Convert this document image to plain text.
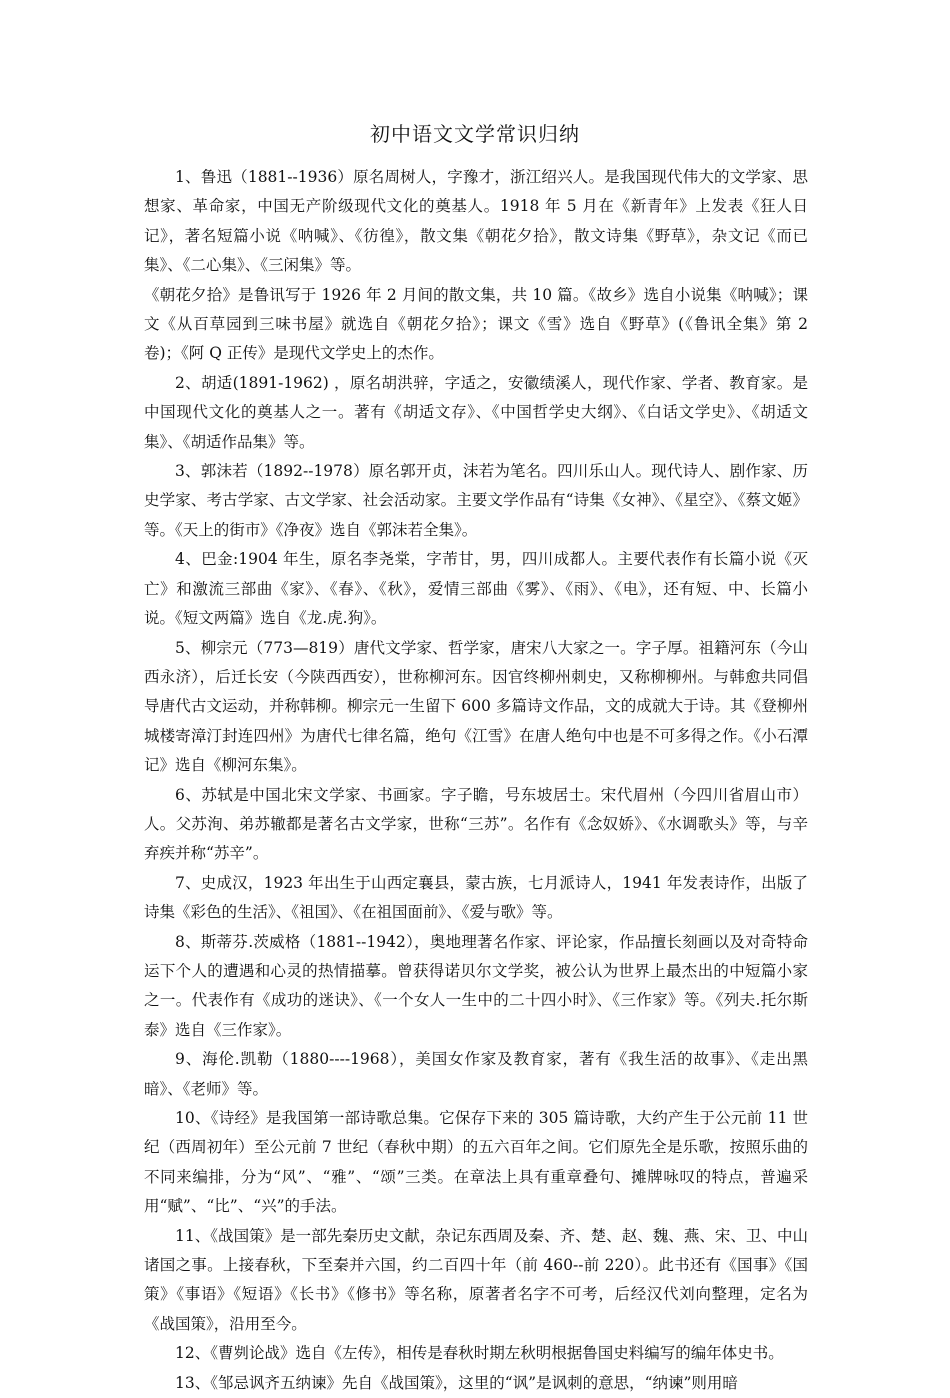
初中语文文学常识归纳

1、鲁迅（1881--1936）原名周树人，字豫才，浙江绍兴人。是我国现代伟大的文学家、思想家、革命家，中国无产阶级现代文化的奠基人。1918 年 5 月在《新青年》上发表《狂人日记》，著名短篇小说《呐喊》、《彷徨》，散文集《朝花夕拾》，散文诗集《野草》，杂文记《而已集》、《二心集》、《三闲集》等。

《朝花夕拾》是鲁讯写于 1926 年 2 月间的散文集，共 10 篇。《故乡》选自小说集《呐喊》；课文《从百草园到三味书屋》就选自《朝花夕拾》；课文《雪》选自《野草》(《鲁讯全集》第 2 卷)；《阿 Q 正传》是现代文学史上的杰作。

2、胡适(1891-1962) ，原名胡洪骍，字适之，安徽绩溪人，现代作家、学者、教育家。是中国现代文化的奠基人之一。著有《胡适文存》、《中国哲学史大纲》、《白话文学史》、《胡适文集》、《胡适作品集》等。

3、郭沫若（1892--1978）原名郭开贞，沫若为笔名。四川乐山人。现代诗人、剧作家、历史学家、考古学家、古文学家、社会活动家。主要文学作品有“诗集《女神》、《星空》、《蔡文姬》等。《天上的街市》《净夜》选自《郭沫若全集》。

4、巴金:1904 年生，原名李尧棠，字芾甘，男，四川成都人。主要代表作有长篇小说《灭亡》和激流三部曲《家》、《春》、《秋》，爱情三部曲《雾》、《雨》、《电》，还有短、中、长篇小说。《短文两篇》选自《龙.虎.狗》。

5、柳宗元（773—819）唐代文学家、哲学家，唐宋八大家之一。字子厚。祖籍河东（今山西永济），后迁长安（今陕西西安），世称柳河东。因官终柳州刺史，又称柳柳州。与韩愈共同倡导唐代古文运动，并称韩柳。柳宗元一生留下 600 多篇诗文作品，文的成就大于诗。其《登柳州城楼寄漳汀封连四州》为唐代七律名篇，绝句《江雪》在唐人绝句中也是不可多得之作。《小石潭记》选自《柳河东集》。

6、苏轼是中国北宋文学家、书画家。字子瞻，号东坡居士。宋代眉州（今四川省眉山市）人。父苏洵、弟苏辙都是著名古文学家，世称“三苏”。名作有《念奴娇》、《水调歌头》等，与辛弃疾并称“苏辛”。

7、史成汉，1923 年出生于山西定襄县，蒙古族，七月派诗人，1941 年发表诗作，出版了诗集《彩色的生活》、《祖国》、《在祖国面前》、《爱与歌》等。

8、斯蒂芬.茨威格（1881--1942），奥地理著名作家、评论家，作品擅长刻画以及对奇特命运下个人的遭遇和心灵的热情描摹。曾获得诺贝尔文学奖，被公认为世界上最杰出的中短篇小家之一。代表作有《成功的迷诀》、《一个女人一生中的二十四小时》、《三作家》等。《列夫.托尔斯泰》选自《三作家》。

9、海伦.凯勒（1880----1968），美国女作家及教育家，著有《我生活的故事》、《走出黑暗》、《老师》等。

10、《诗经》是我国第一部诗歌总集。它保存下来的 305 篇诗歌，大约产生于公元前 11 世纪（西周初年）至公元前 7 世纪（春秋中期）的五六百年之间。它们原先全是乐歌，按照乐曲的不同来编排，分为“风”、“雅”、“颂”三类。在章法上具有重章叠句、摊牌咏叹的特点，普遍采用“赋”、“比”、“兴”的手法。

11、《战国策》是一部先秦历史文献，杂记东西周及秦、齐、楚、赵、魏、燕、宋、卫、中山诸国之事。上接春秋，下至秦并六国，约二百四十年（前 460--前 220）。此书还有《国事》《国策》《事语》《短语》《长书》《修书》等名称，原著者名字不可考，后经汉代刘向整理，定名为《战国策》，沿用至今。

12、《曹刿论战》选自《左传》，相传是春秋时期左秋明根据鲁国史料编写的编年体史书。

13、《邹忌讽齐五纳谏》先自《战国策》，这里的“讽”是讽刺的意思，“纳谏”则用暗
